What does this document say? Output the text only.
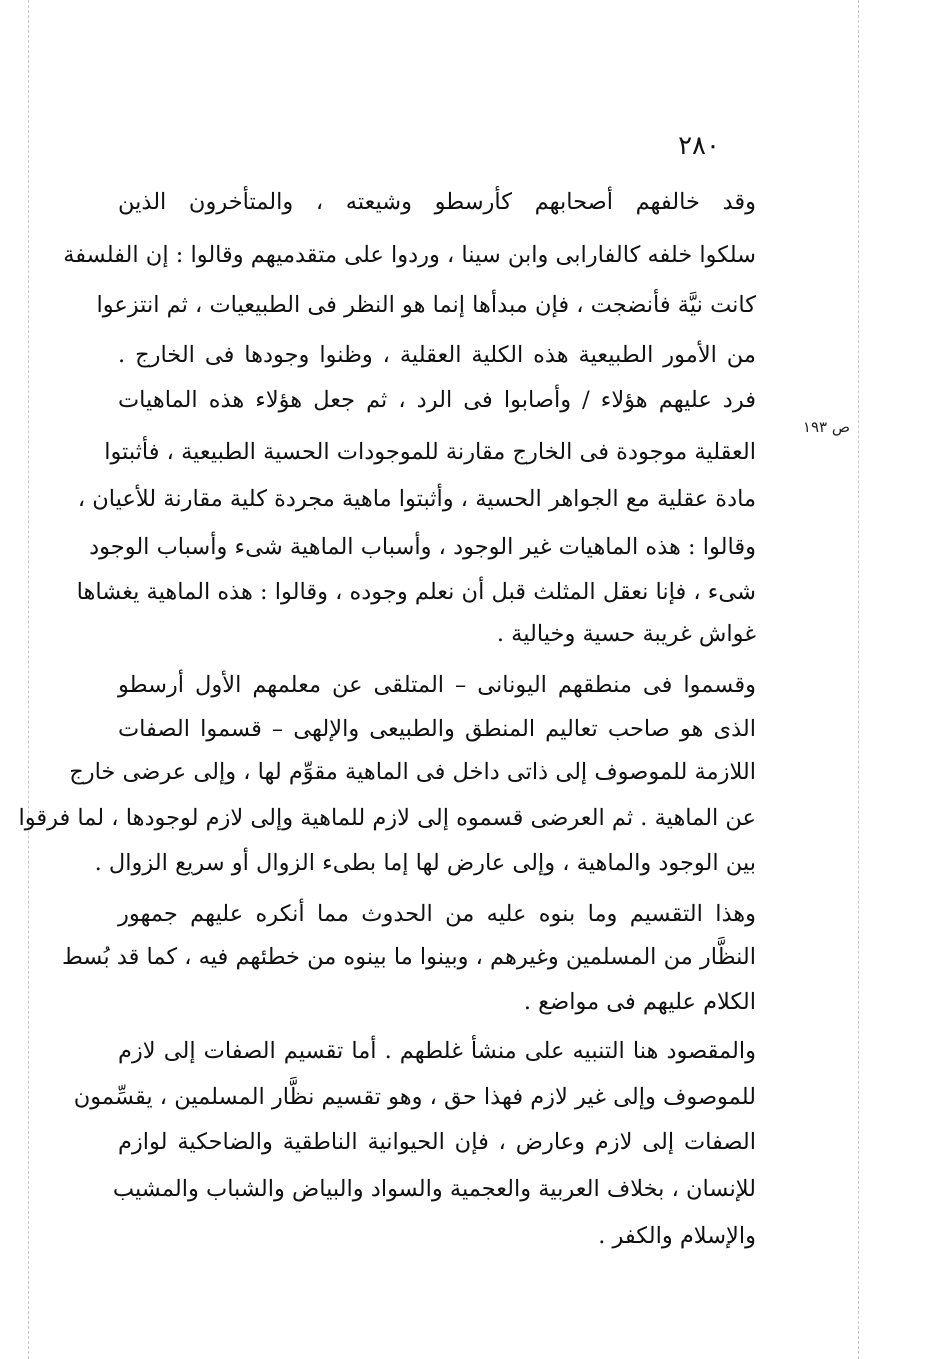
٢٨٠
ص ١٩٣
وقد خالفهم أصحابهم كأرسطو وشيعته ، والمتأخرون الذين
سلكوا خلفه كالفارابى وابن سينا ، وردوا على متقدميهم وقالوا : إن الفلسفة
كانت نيَّة فأنضجت ، فإن مبدأها إنما هو النظر فى الطبيعيات ، ثم انتزعوا
من الأمور الطبيعية هذه الكلية العقلية ، وظنوا وجودها فى الخارج .
فرد عليهم هؤلاء / وأصابوا فى الرد ، ثم جعل هؤلاء هذه الماهيات
العقلية موجودة فى الخارج مقارنة للموجودات الحسية الطبيعية ، فأثبتوا
مادة عقلية مع الجواهر الحسية ، وأثبتوا ماهية مجردة كلية مقارنة للأعيان ،
وقالوا : هذه الماهيات غير الوجود ، وأسباب الماهية شىء وأسباب الوجود
شىء ، فإنا نعقل المثلث قبل أن نعلم وجوده ، وقالوا : هذه الماهية يغشاها
غواش غريبة حسية وخيالية .
وقسموا فى منطقهم اليونانى – المتلقى عن معلمهم الأول أرسطو
الذى هو صاحب تعاليم المنطق والطبيعى والإلهى – قسموا الصفات
اللازمة للموصوف إلى ذاتى داخل فى الماهية مقوِّم لها ، وإلى عرضى خارج
عن الماهية . ثم العرضى قسموه إلى لازم للماهية وإلى لازم لوجودها ، لما فرقوا
بين الوجود والماهية ، وإلى عارض لها إما بطىء الزوال أو سريع الزوال .
وهذا التقسيم وما بنوه عليه من الحدوث مما أنكره عليهم جمهور
النظَّار من المسلمين وغيرهم ، وبينوا ما بينوه من خطئهم فيه ، كما قد بُسط
الكلام عليهم فى مواضع .
والمقصود هنا التنبيه على منشأ غلطهم . أما تقسيم الصفات إلى لازم
للموصوف وإلى غير لازم فهذا حق ، وهو تقسيم نظَّار المسلمين ، يقسِّمون
الصفات إلى لازم وعارض ، فإن الحيوانية الناطقية والضاحكية لوازم
للإنسان ، بخلاف العربية والعجمية والسواد والبياض والشباب والمشيب
والإسلام والكفر .
